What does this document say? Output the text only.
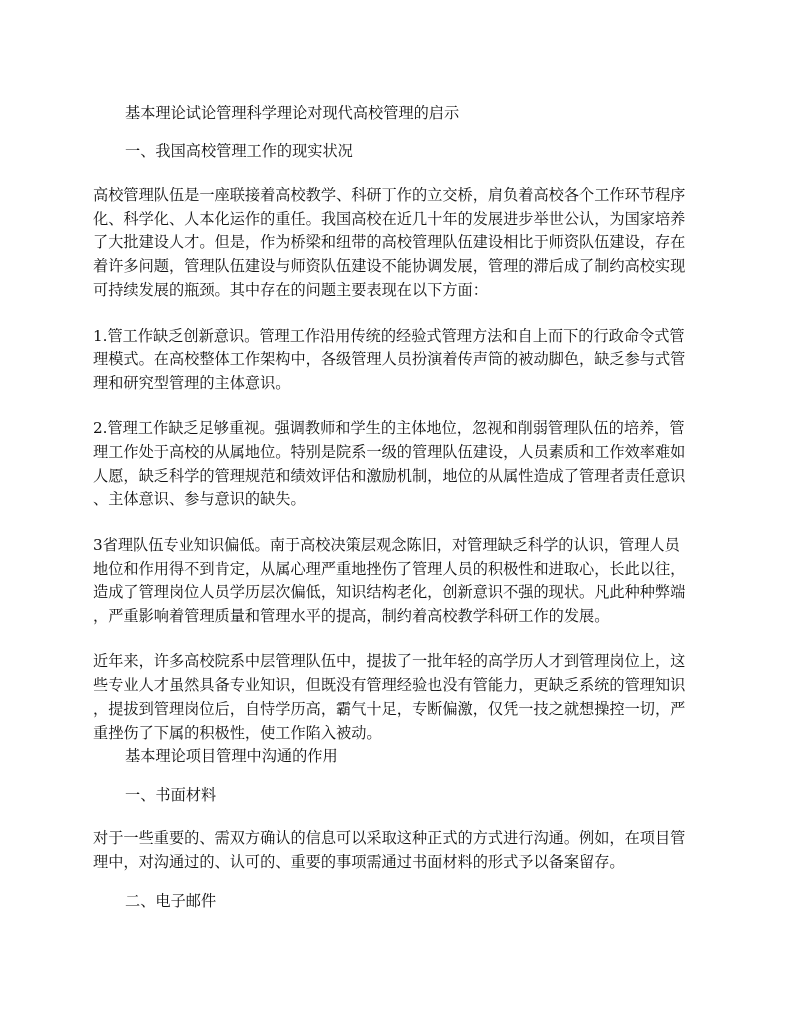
基本理论试论管理科学理论对现代高校管理的启示
一、我国高校管理工作的现实状况
高校管理队伍是一座联接着高校教学、科研丁作的立交桥，肩负着高校各个工作环节程序
化、科学化、人本化运作的重任。我国高校在近几十年的发展进步举世公认，为国家培养
了大批建设人才。但是，作为桥梁和纽带的高校管理队伍建设相比于师资队伍建设，存在
着许多问题，管理队伍建设与师资队伍建设不能协调发展，管理的滞后成了制约高校实现
可持续发展的瓶颈。其中存在的问题主要表现在以下方面：
1.管工作缺乏创新意识。管理工作沿用传统的经验式管理方法和自上而下的行政命令式管
理模式。在高校整体工作架构中，各级管理人员扮演着传声筒的被动脚色，缺乏参与式管
理和研究型管理的主体意识。
2.管理工作缺乏足够重视。强调教师和学生的主体地位，忽视和削弱管理队伍的培养，管
理工作处于高校的从属地位。特别是院系一级的管理队伍建设，人员素质和工作效率难如
人愿，缺乏科学的管理规范和绩效评估和激励机制，地位的从属性造成了管理者责任意识
、主体意识、参与意识的缺失。
3省理队伍专业知识偏低。南于高校决策层观念陈旧，对管理缺乏科学的认识，管理人员
地位和作用得不到肯定，从属心理严重地挫伤了管理人员的积极性和进取心，长此以往，
造成了管理岗位人员学历层次偏低，知识结构老化，创新意识不强的现状。凡此种种弊端
，严重影响着管理质量和管理水平的提高，制约着高校教学科研工作的发展。
近年来，许多高校院系中层管理队伍中，提拔了一批年轻的高学历人才到管理岗位上，这
些专业人才虽然具备专业知识，但既没有管理经验也没有管能力，更缺乏系统的管理知识
，提拔到管理岗位后，自恃学历高，霸气十足，专断偏激，仅凭一技之就想操控一切，严
重挫伤了下属的积极性，使工作陷入被动。
基本理论项目管理中沟通的作用
一、书面材料
对于一些重要的、需双方确认的信息可以采取这种正式的方式进行沟通。例如，在项目管
理中，对沟通过的、认可的、重要的事项需通过书面材料的形式予以备案留存。
二、电子邮件
